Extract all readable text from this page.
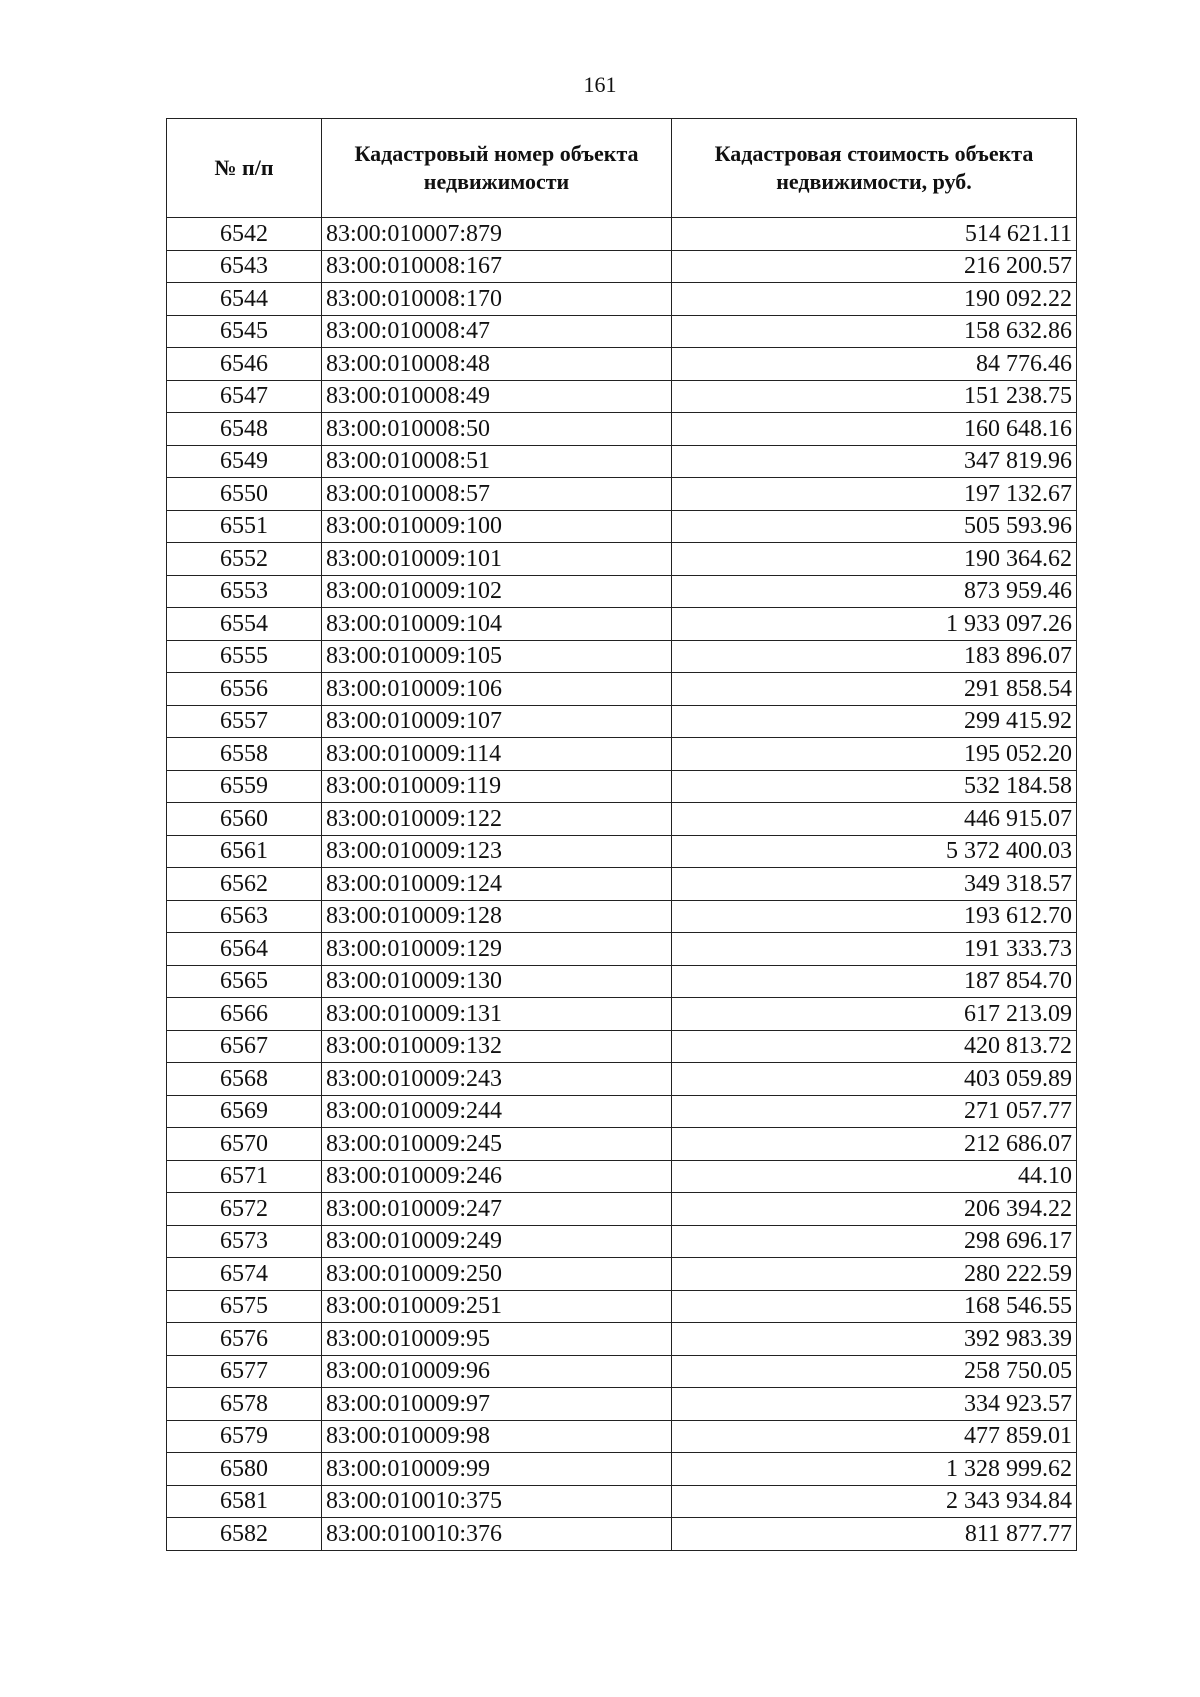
161
№ п/п	Кадастровый номер объекта недвижимости	Кадастровая стоимость объекта недвижимости, руб.
6542	83:00:010007:879	514 621.11
6543	83:00:010008:167	216 200.57
6544	83:00:010008:170	190 092.22
6545	83:00:010008:47	158 632.86
6546	83:00:010008:48	84 776.46
6547	83:00:010008:49	151 238.75
6548	83:00:010008:50	160 648.16
6549	83:00:010008:51	347 819.96
6550	83:00:010008:57	197 132.67
6551	83:00:010009:100	505 593.96
6552	83:00:010009:101	190 364.62
6553	83:00:010009:102	873 959.46
6554	83:00:010009:104	1 933 097.26
6555	83:00:010009:105	183 896.07
6556	83:00:010009:106	291 858.54
6557	83:00:010009:107	299 415.92
6558	83:00:010009:114	195 052.20
6559	83:00:010009:119	532 184.58
6560	83:00:010009:122	446 915.07
6561	83:00:010009:123	5 372 400.03
6562	83:00:010009:124	349 318.57
6563	83:00:010009:128	193 612.70
6564	83:00:010009:129	191 333.73
6565	83:00:010009:130	187 854.70
6566	83:00:010009:131	617 213.09
6567	83:00:010009:132	420 813.72
6568	83:00:010009:243	403 059.89
6569	83:00:010009:244	271 057.77
6570	83:00:010009:245	212 686.07
6571	83:00:010009:246	44.10
6572	83:00:010009:247	206 394.22
6573	83:00:010009:249	298 696.17
6574	83:00:010009:250	280 222.59
6575	83:00:010009:251	168 546.55
6576	83:00:010009:95	392 983.39
6577	83:00:010009:96	258 750.05
6578	83:00:010009:97	334 923.57
6579	83:00:010009:98	477 859.01
6580	83:00:010009:99	1 328 999.62
6581	83:00:010010:375	2 343 934.84
6582	83:00:010010:376	811 877.77
